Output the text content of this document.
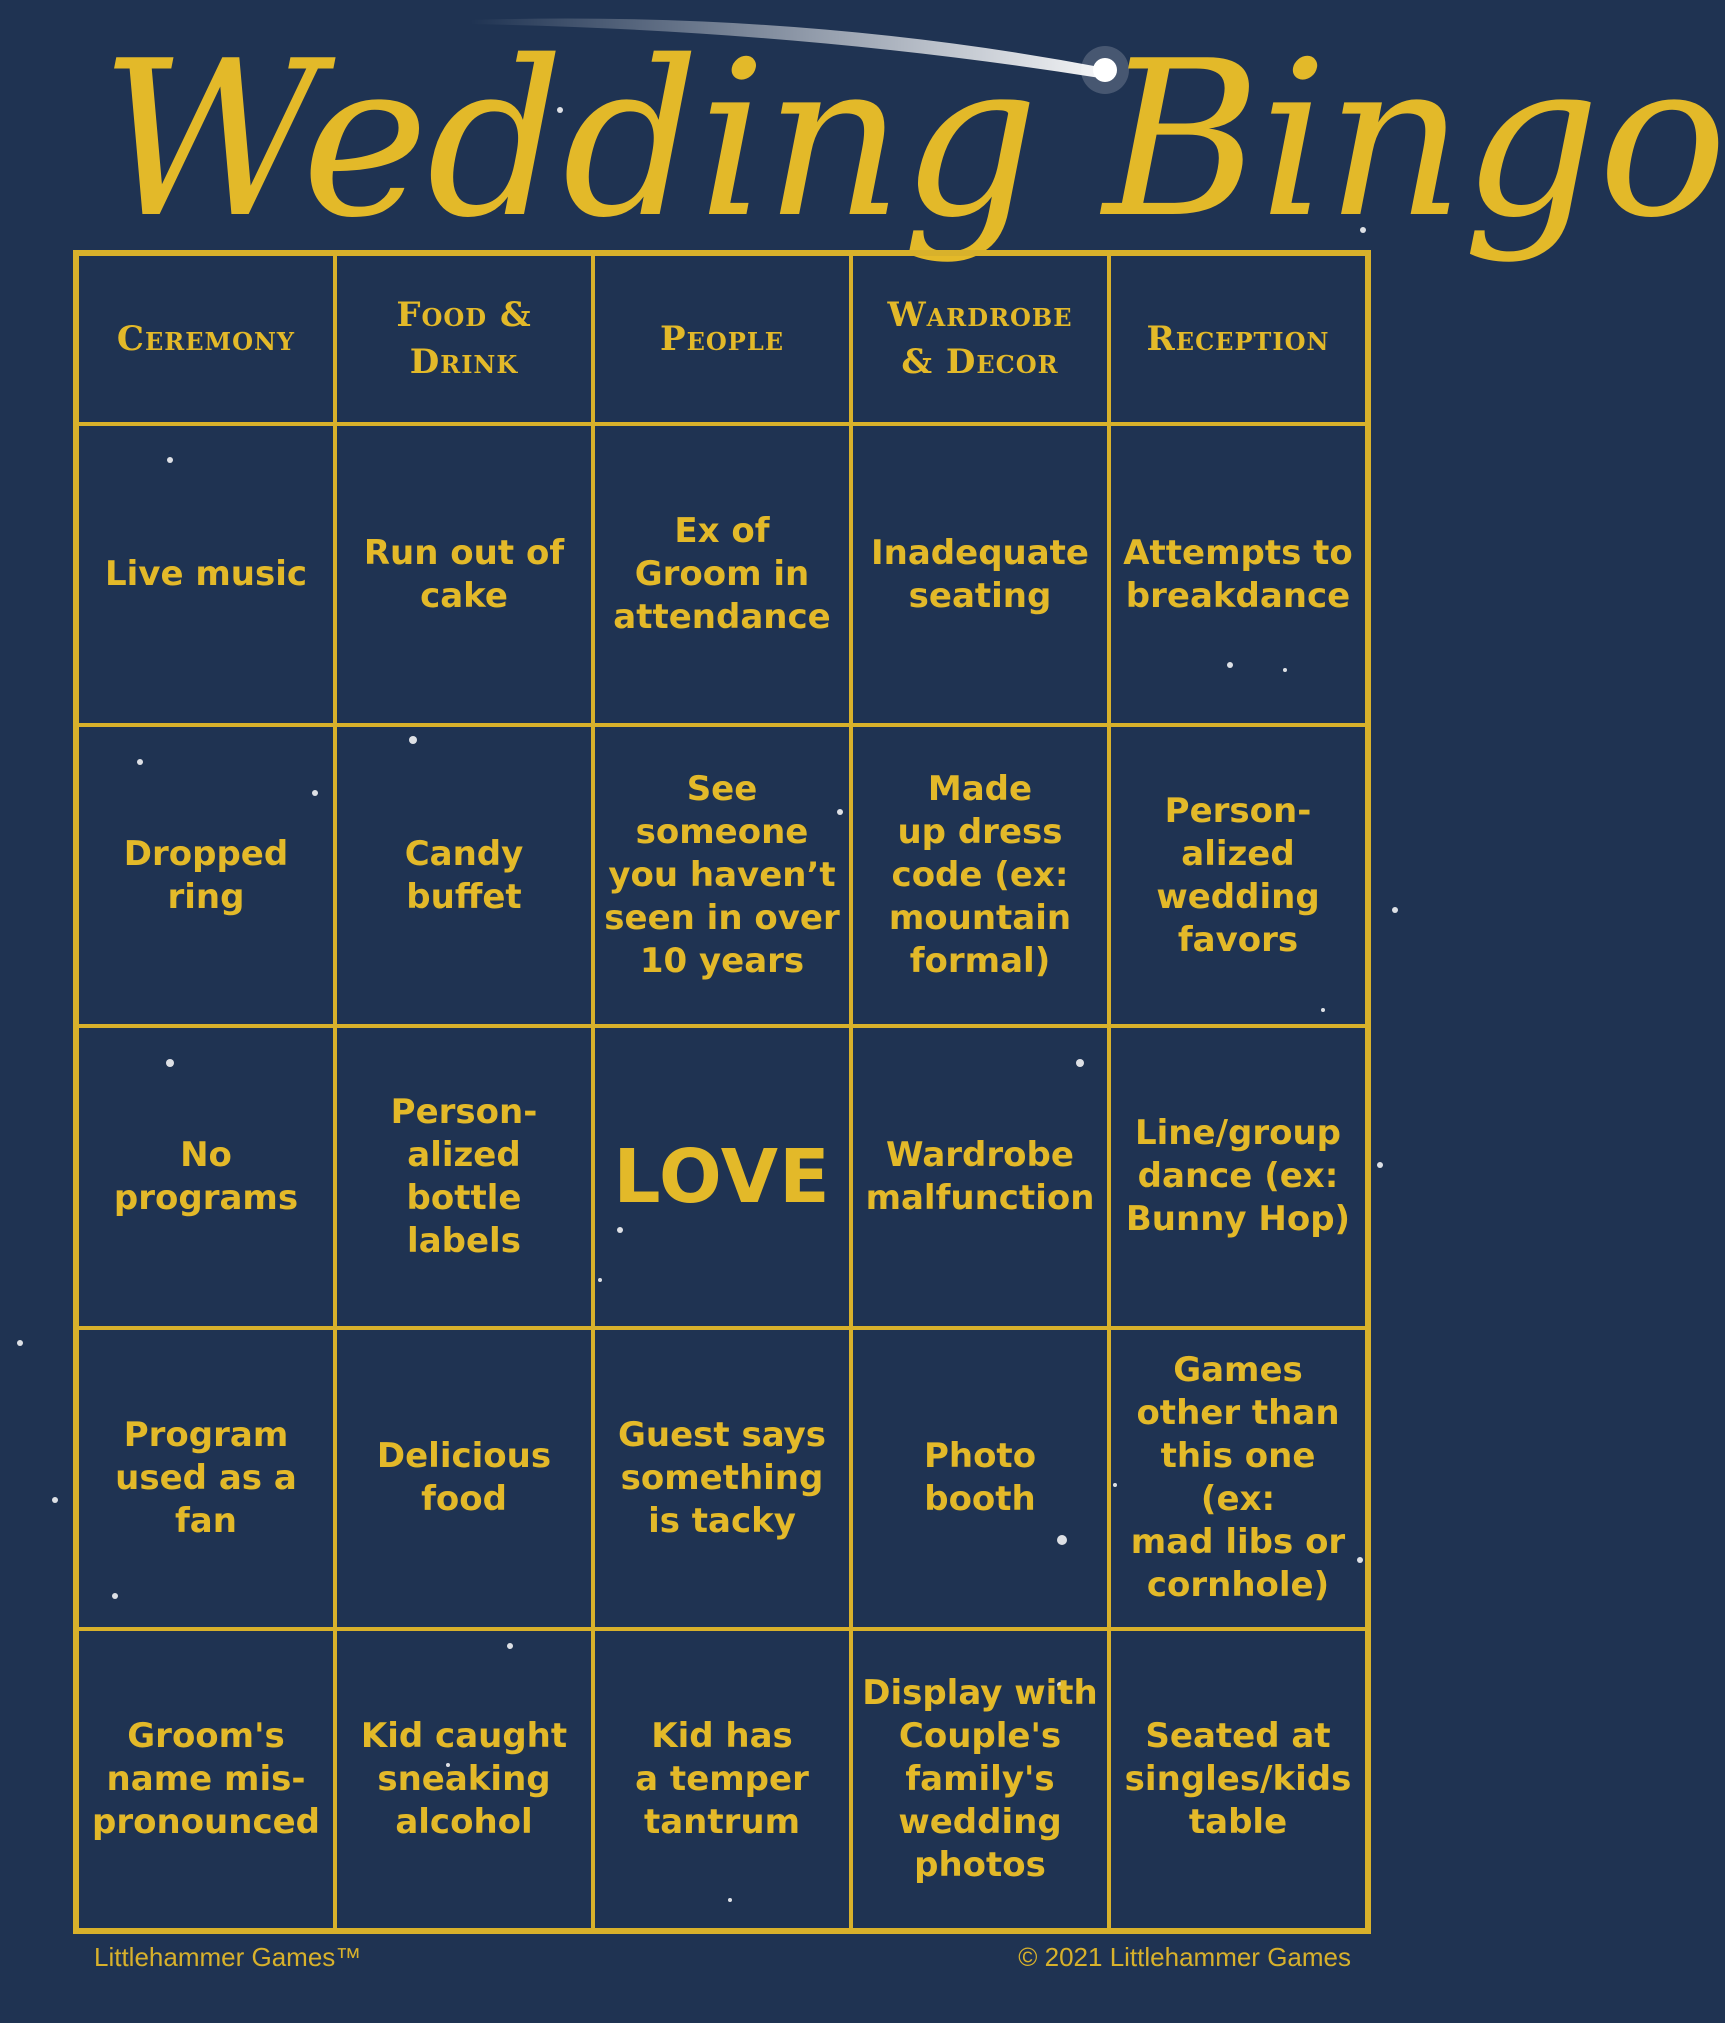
Wedding Bingo
Ceremony
Food &
Drink
People
Wardrobe
& Decor
Reception
Live music
Run out of
cake
Ex of
Groom in
attendance
Inadequate
seating
Attempts to
breakdance
Dropped
ring
Candy
buffet
See
someone
you haven’t
seen in over
10 years
Made
up dress
code (ex:
mountain
formal)
Person-
alized
wedding
favors
No
programs
Person-
alized
bottle labels
LOVE	Wardrobe
malfunction
Line/group
dance (ex:
Bunny Hop)
Program
used as a
fan
Delicious
food
Guest says
something
is tacky
Photo
booth
Games
other than
this one (ex:
mad libs or
cornhole)
Groom's
name mis-
pronounced
Kid caught
sneaking
alcohol
Kid has
a temper
tantrum
Display with
Couple's
family's
wedding
photos
Seated at
singles/kids
table
Littlehammer Games™	© 2021 Littlehammer Games
